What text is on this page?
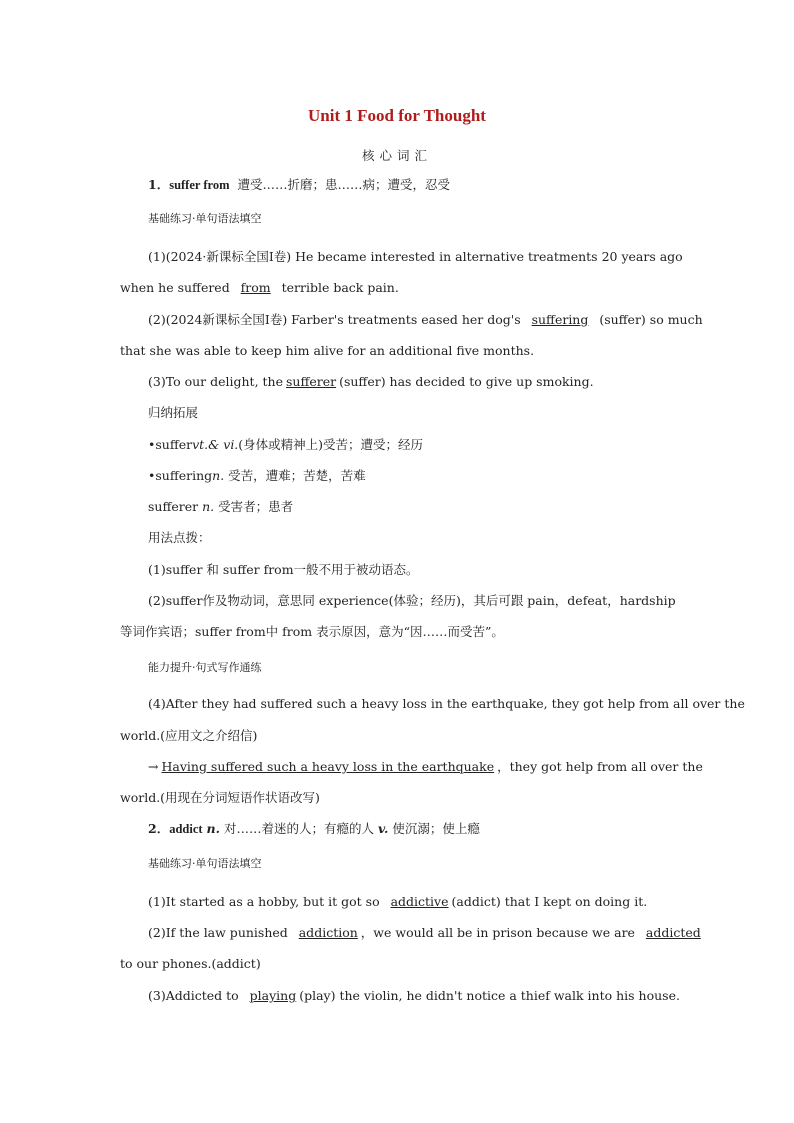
Unit 1 Food for Thought
核心词汇
1．suffer from 遭受……折磨；患……病；遭受，忍受
基础练习·单句语法填空
(1)(2024·新课标全国Ⅰ卷) He became interested in alternative treatments 20 years ago
when he suffered from terrible back pain.
(2)(2024新课标全国Ⅰ卷) Farber's treatments eased her dog's suffering (suffer) so much
that she was able to keep him alive for an additional five months.
(3)To our delight, the sufferer (suffer) has decided to give up smoking.
归纳拓展
•suffervt.& vi.(身体或精神上)受苦；遭受；经历
•sufferingn. 受苦，遭难；苦楚，苦难
sufferer n. 受害者；患者
用法点拨：
(1)suffer 和 suffer from一般不用于被动语态。
(2)suffer作及物动词，意思同 experience(体验；经历)，其后可跟 pain，defeat，hardship
等词作宾语；suffer from中 from 表示原因，意为“因……而受苦”。
能力提升·句式写作通练
(4)After they had suffered such a heavy loss in the earthquake, they got help from all over the
world.(应用文之介绍信)
→ Having suffered such a heavy loss in the earthquake ，they got help from all over the
world.(用现在分词短语作状语改写)
2．addict n. 对……着迷的人；有瘾的人 v. 使沉溺；使上瘾
基础练习·单句语法填空
(1)It started as a hobby, but it got so addictive (addict) that I kept on doing it.
(2)If the law punished addiction ，we would all be in prison because we are addicted
to our phones.(addict)
(3)Addicted to playing (play) the violin, he didn't notice a thief walk into his house.
